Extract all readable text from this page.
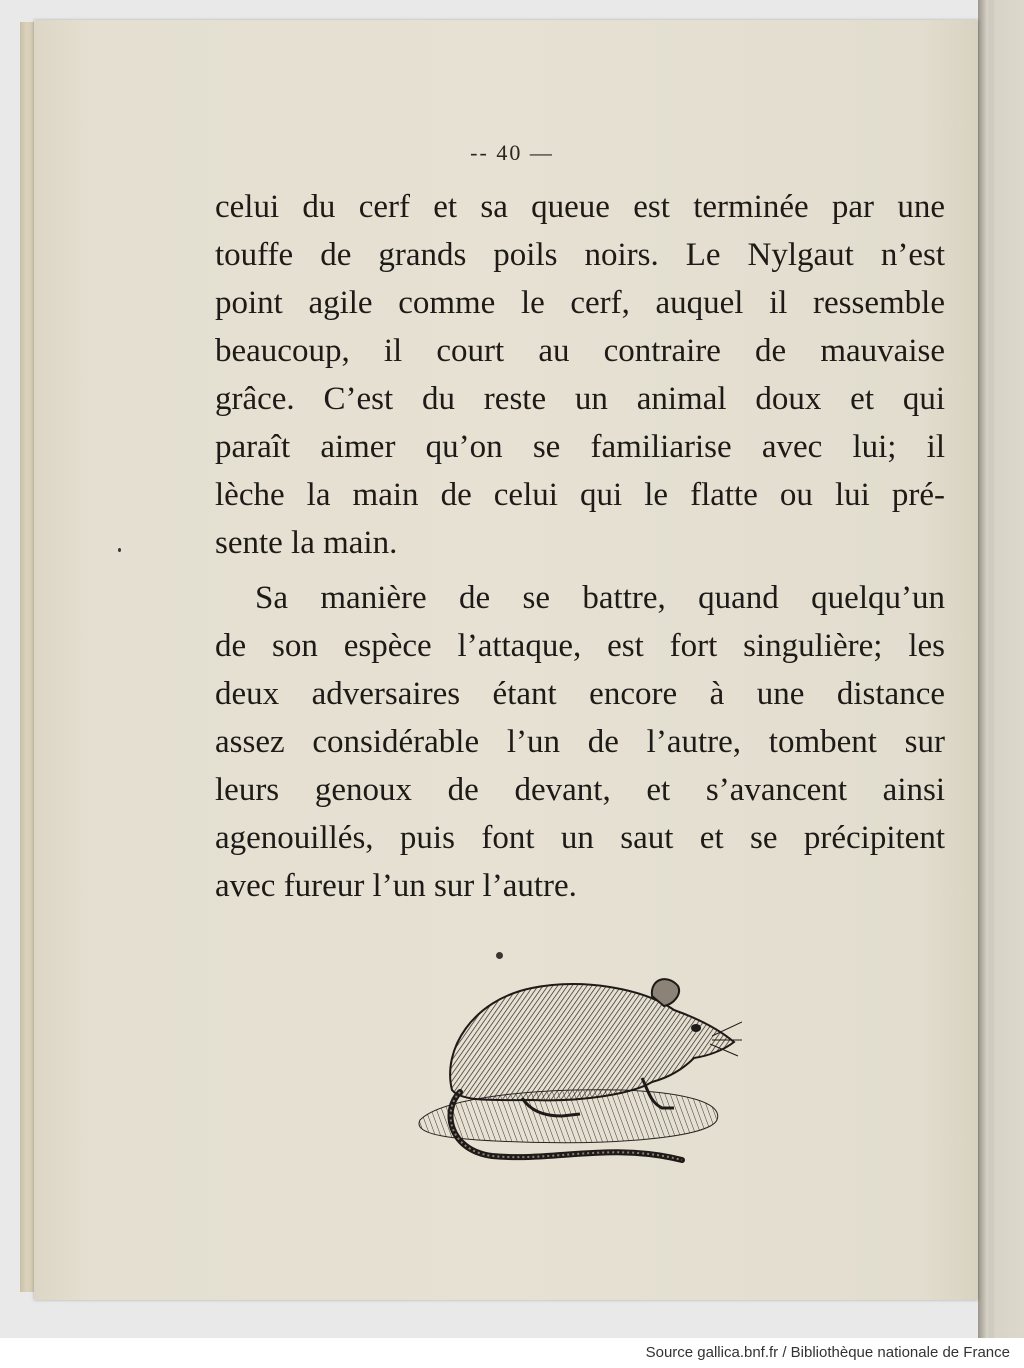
-- 40 —
celui du cerf et sa queue est terminée par une
touffe de grands poils noirs. Le Nylgaut n’est
point agile comme le cerf, auquel il ressemble
beaucoup, il court au contraire de mauvaise
grâce. C’est du reste un animal doux et qui
paraît aimer qu’on se familiarise avec lui; il
lèche la main de celui qui le flatte ou lui pré-
sente la main.
Sa manière de se battre, quand quelqu’un
de son espèce l’attaque, est fort singulière; les
deux adversaires étant encore à une distance
assez considérable l’un de l’autre, tombent sur
leurs genoux de devant, et s’avancent ainsi
agenouillés, puis font un saut et se précipitent
avec fureur l’un sur l’autre.
Source gallica.bnf.fr / Bibliothèque nationale de France
